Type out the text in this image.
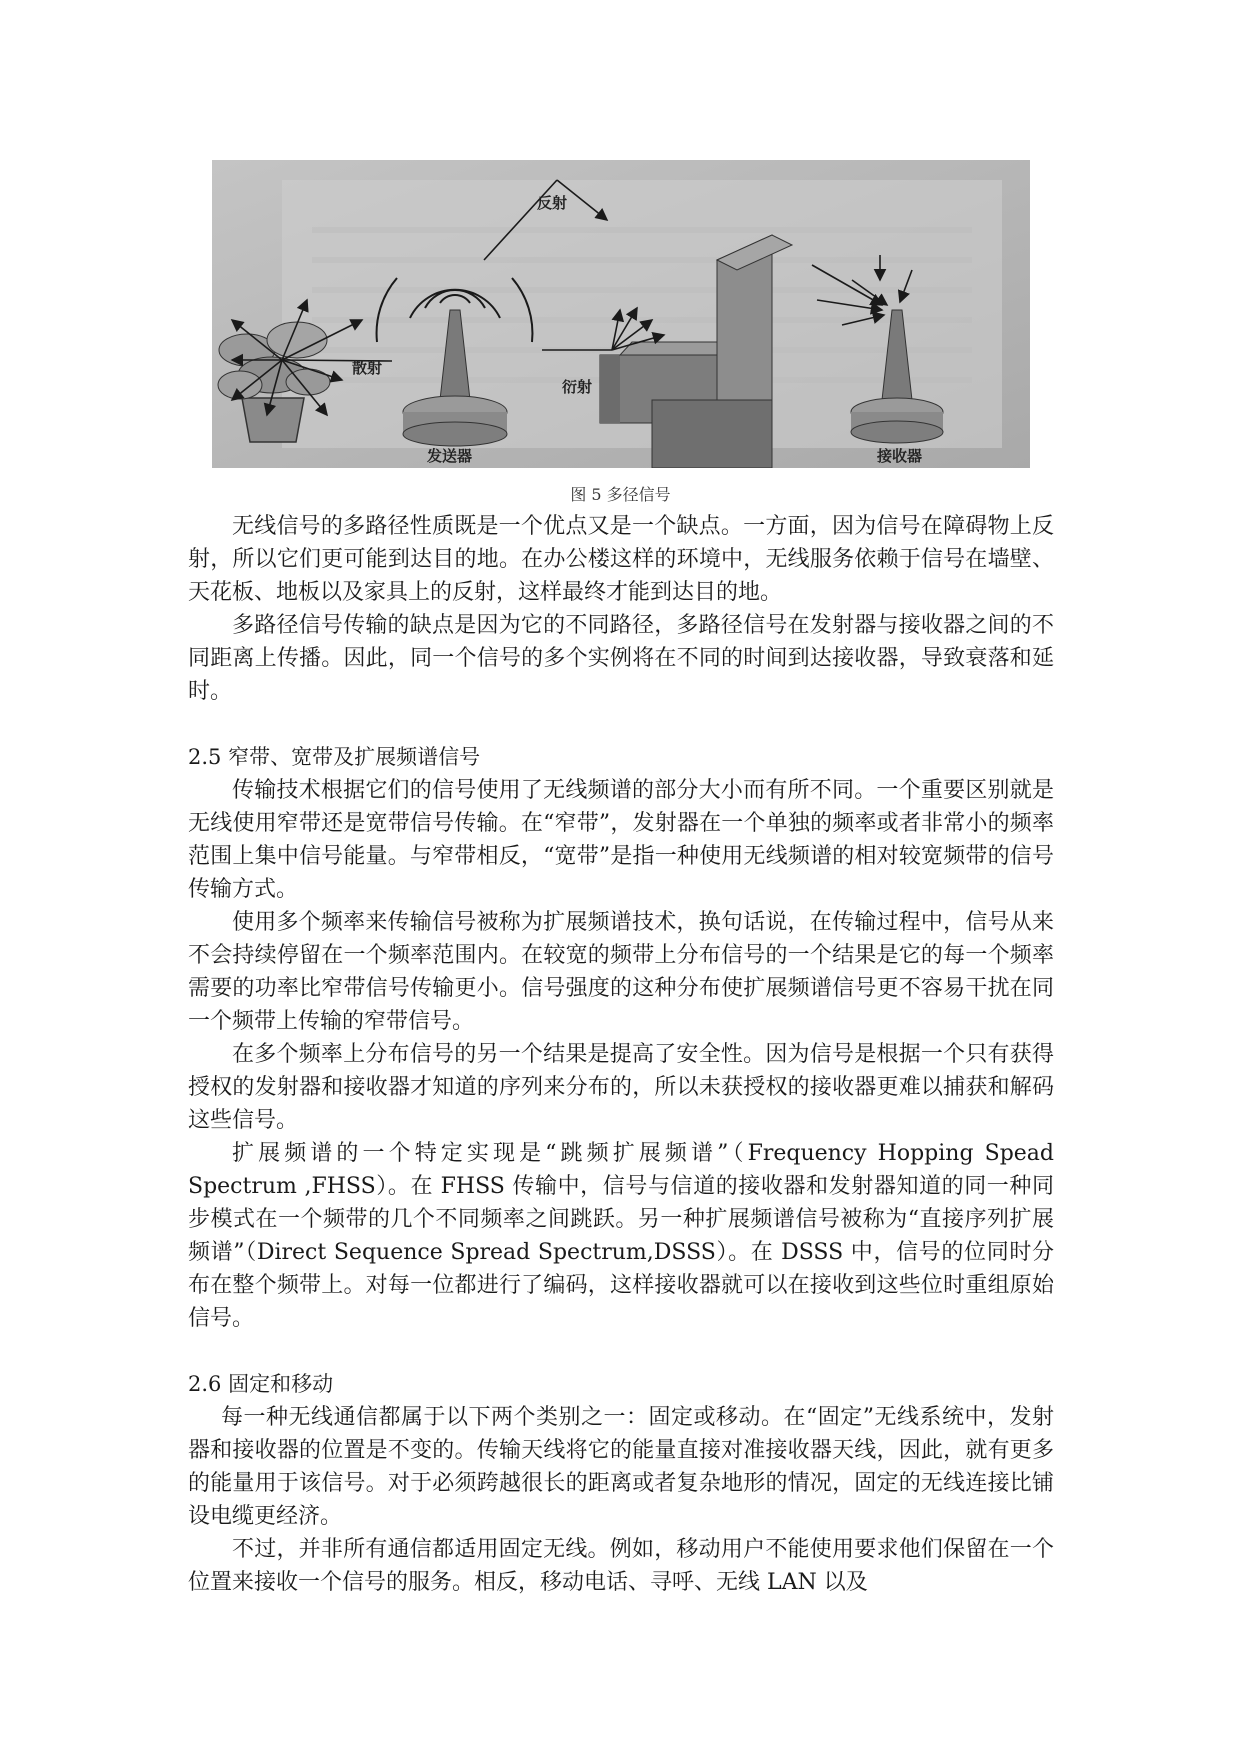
反射
散射
衍射
发送器	接收器
图 5 多径信号

无线信号的多路径性质既是一个优点又是一个缺点。一方面，因为信号在障碍物上反射，所以它们更可能到达目的地。在办公楼这样的环境中，无线服务依赖于信号在墙壁、天花板、地板以及家具上的反射，这样最终才能到达目的地。

多路径信号传输的缺点是因为它的不同路径，多路径信号在发射器与接收器之间的不同距离上传播。因此，同一个信号的多个实例将在不同的时间到达接收器，导致衰落和延时。

2.5 窄带、宽带及扩展频谱信号

传输技术根据它们的信号使用了无线频谱的部分大小而有所不同。一个重要区别就是无线使用窄带还是宽带信号传输。在“窄带”，发射器在一个单独的频率或者非常小的频率范围上集中信号能量。与窄带相反，“宽带”是指一种使用无线频谱的相对较宽频带的信号传输方式。

使用多个频率来传输信号被称为扩展频谱技术，换句话说，在传输过程中，信号从来不会持续停留在一个频率范围内。在较宽的频带上分布信号的一个结果是它的每一个频率需要的功率比窄带信号传输更小。信号强度的这种分布使扩展频谱信号更不容易干扰在同一个频带上传输的窄带信号。

在多个频率上分布信号的另一个结果是提高了安全性。因为信号是根据一个只有获得授权的发射器和接收器才知道的序列来分布的，所以未获授权的接收器更难以捕获和解码这些信号。

扩展频谱的一个特定实现是“跳频扩展频谱”（Frequency Hopping Spead Spectrum ,FHSS）。在 FHSS 传输中，信号与信道的接收器和发射器知道的同一种同步模式在一个频带的几个不同频率之间跳跃。另一种扩展频谱信号被称为“直接序列扩展频谱”（Direct Sequence Spread Spectrum,DSSS）。在 DSSS 中，信号的位同时分布在整个频带上。对每一位都进行了编码，这样接收器就可以在接收到这些位时重组原始信号。

2.6 固定和移动

每一种无线通信都属于以下两个类别之一：固定或移动。在“固定”无线系统中，发射器和接收器的位置是不变的。传输天线将它的能量直接对准接收器天线，因此，就有更多的能量用于该信号。对于必须跨越很长的距离或者复杂地形的情况，固定的无线连接比铺设电缆更经济。

不过，并非所有通信都适用固定无线。例如，移动用户不能使用要求他们保留在一个位置来接收一个信号的服务。相反，移动电话、寻呼、无线 LAN 以及
